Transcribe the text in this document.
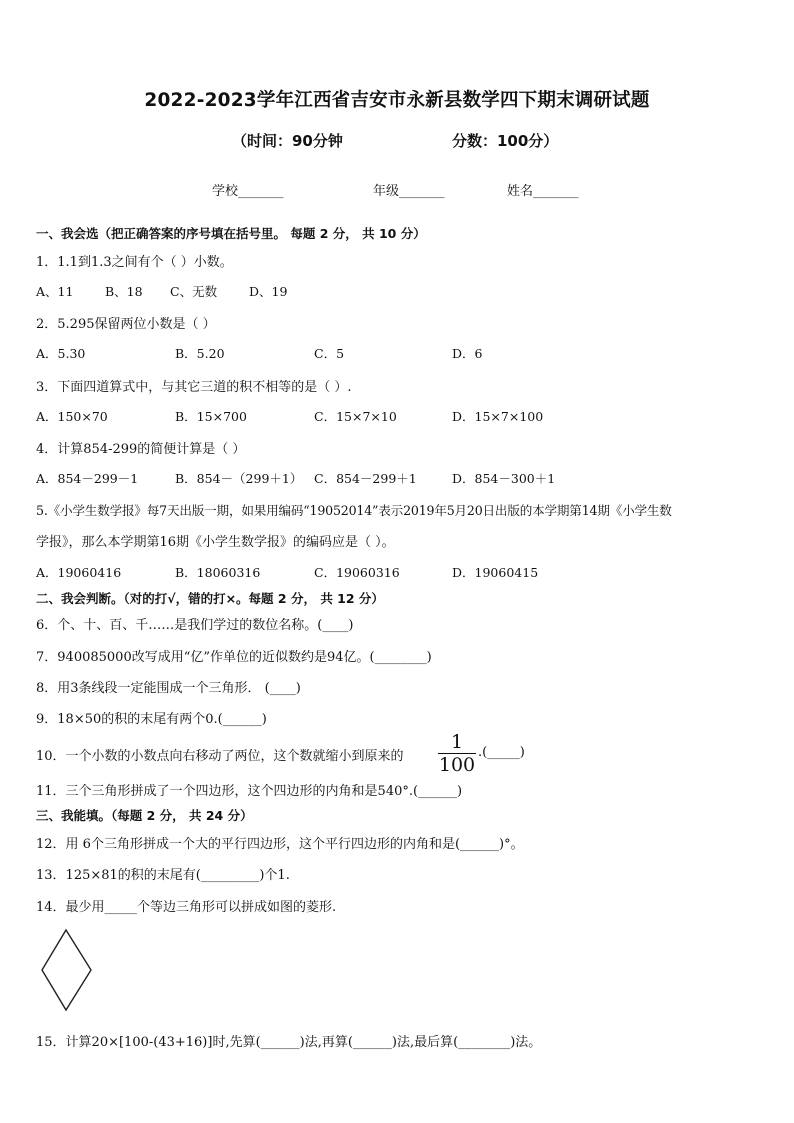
2022-2023学年江西省吉安市永新县数学四下期末调研试题
（时间：90分钟	分数：100分）
学校_______	年级_______	姓名_______
一、我会选（把正确答案的序号填在括号里。 每题 2 分， 共 10 分）
1．1.1到1.3之间有个（ ）小数。
A、11	B、18 C、无数	D、19
2．5.295保留两位小数是（ ）
A．5.30	B．5.20	C．5	D．6
3．下面四道算式中，与其它三道的积不相等的是（ ）.
A．150×70	B．15×700	C．15×7×10	D．15×7×100
4．计算854-299的简便计算是（ ）
A．854－299－1	B．854－（299＋1） C．854－299＋1	D．854－300＋1
5.《小学生数学报》每7天出版一期，如果用编码“19052014”表示2019年5月20日出版的本学期第14期《小学生数
学报》，那么本学期第16期《小学生数学报》的编码应是（ ）。
A．19060416	B．18060316	C．19060316	D．19060415
二、我会判断。（对的打√，错的打×。每题 2 分， 共 12 分）
6．个、十、百、千……是我们学过的数位名称。(____)
7．940085000改写成用“亿”作单位的近似数约是94亿。(________)
8．用3条线段一定能围成一个三角形． (____)
9．18×50的积的末尾有两个0.(______)
10．一个小数的小数点向右移动了两位，这个数就缩小到原来的
1
100
.(_____)
11．三个三角形拼成了一个四边形，这个四边形的内角和是540°.(______)
三、我能填。（每题 2 分， 共 24 分）
12．用 6个三角形拼成一个大的平行四边形，这个平行四边形的内角和是(______)°。
13．125×81的积的末尾有(_________)个1.
14．最少用_____个等边三角形可以拼成如图的菱形.
15．计算20×[100-(43+16)]时,先算(______)法,再算(______)法,最后算(________)法。
